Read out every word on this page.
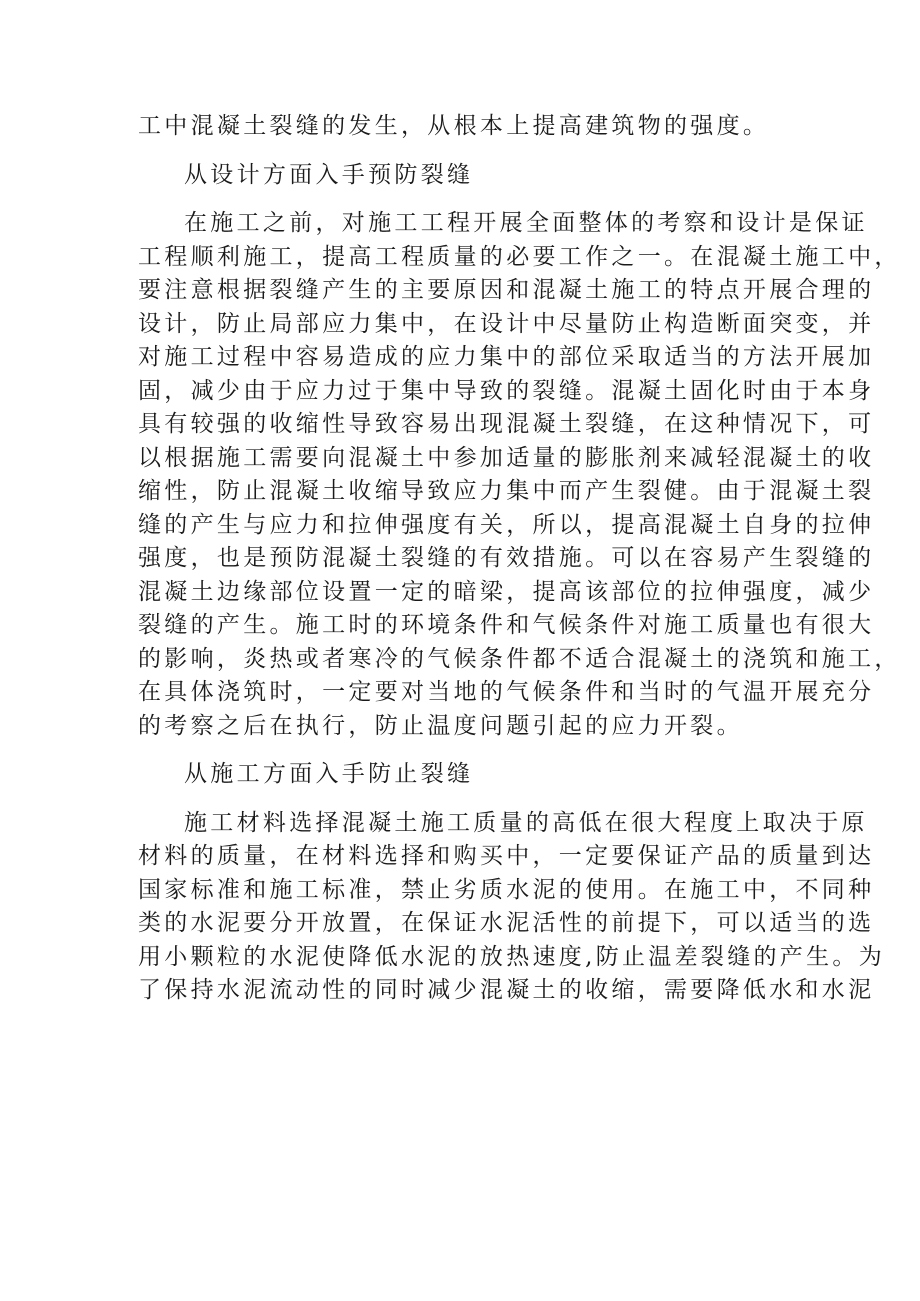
工中混凝土裂缝的发生，从根本上提高建筑物的强度。
从设计方面入手预防裂缝
在施工之前，对施工工程开展全面整体的考察和设计是保证
工程顺利施工，提高工程质量的必要工作之一。在混凝土施工中，
要注意根据裂缝产生的主要原因和混凝土施工的特点开展合理的
设计，防止局部应力集中，在设计中尽量防止构造断面突变，并
对施工过程中容易造成的应力集中的部位采取适当的方法开展加
固，减少由于应力过于集中导致的裂缝。混凝土固化时由于本身
具有较强的收缩性导致容易出现混凝土裂缝，在这种情况下，可
以根据施工需要向混凝土中参加适量的膨胀剂来减轻混凝土的收
缩性，防止混凝土收缩导致应力集中而产生裂健。由于混凝土裂
缝的产生与应力和拉伸强度有关，所以，提高混凝土自身的拉伸
强度，也是预防混凝土裂缝的有效措施。可以在容易产生裂缝的
混凝土边缘部位设置一定的暗梁，提高该部位的拉伸强度，减少
裂缝的产生。施工时的环境条件和气候条件对施工质量也有很大
的影响，炎热或者寒冷的气候条件都不适合混凝土的浇筑和施工，
在具体浇筑时，一定要对当地的气候条件和当时的气温开展充分
的考察之后在执行，防止温度问题引起的应力开裂。
从施工方面入手防止裂缝
施工材料选择混凝土施工质量的高低在很大程度上取决于原
材料的质量，在材料选择和购买中，一定要保证产品的质量到达
国家标准和施工标准，禁止劣质水泥的使用。在施工中，不同种
类的水泥要分开放置，在保证水泥活性的前提下，可以适当的选
用小颗粒的水泥使降低水泥的放热速度,防止温差裂缝的产生。为
了保持水泥流动性的同时减少混凝土的收缩，需要降低水和水泥
